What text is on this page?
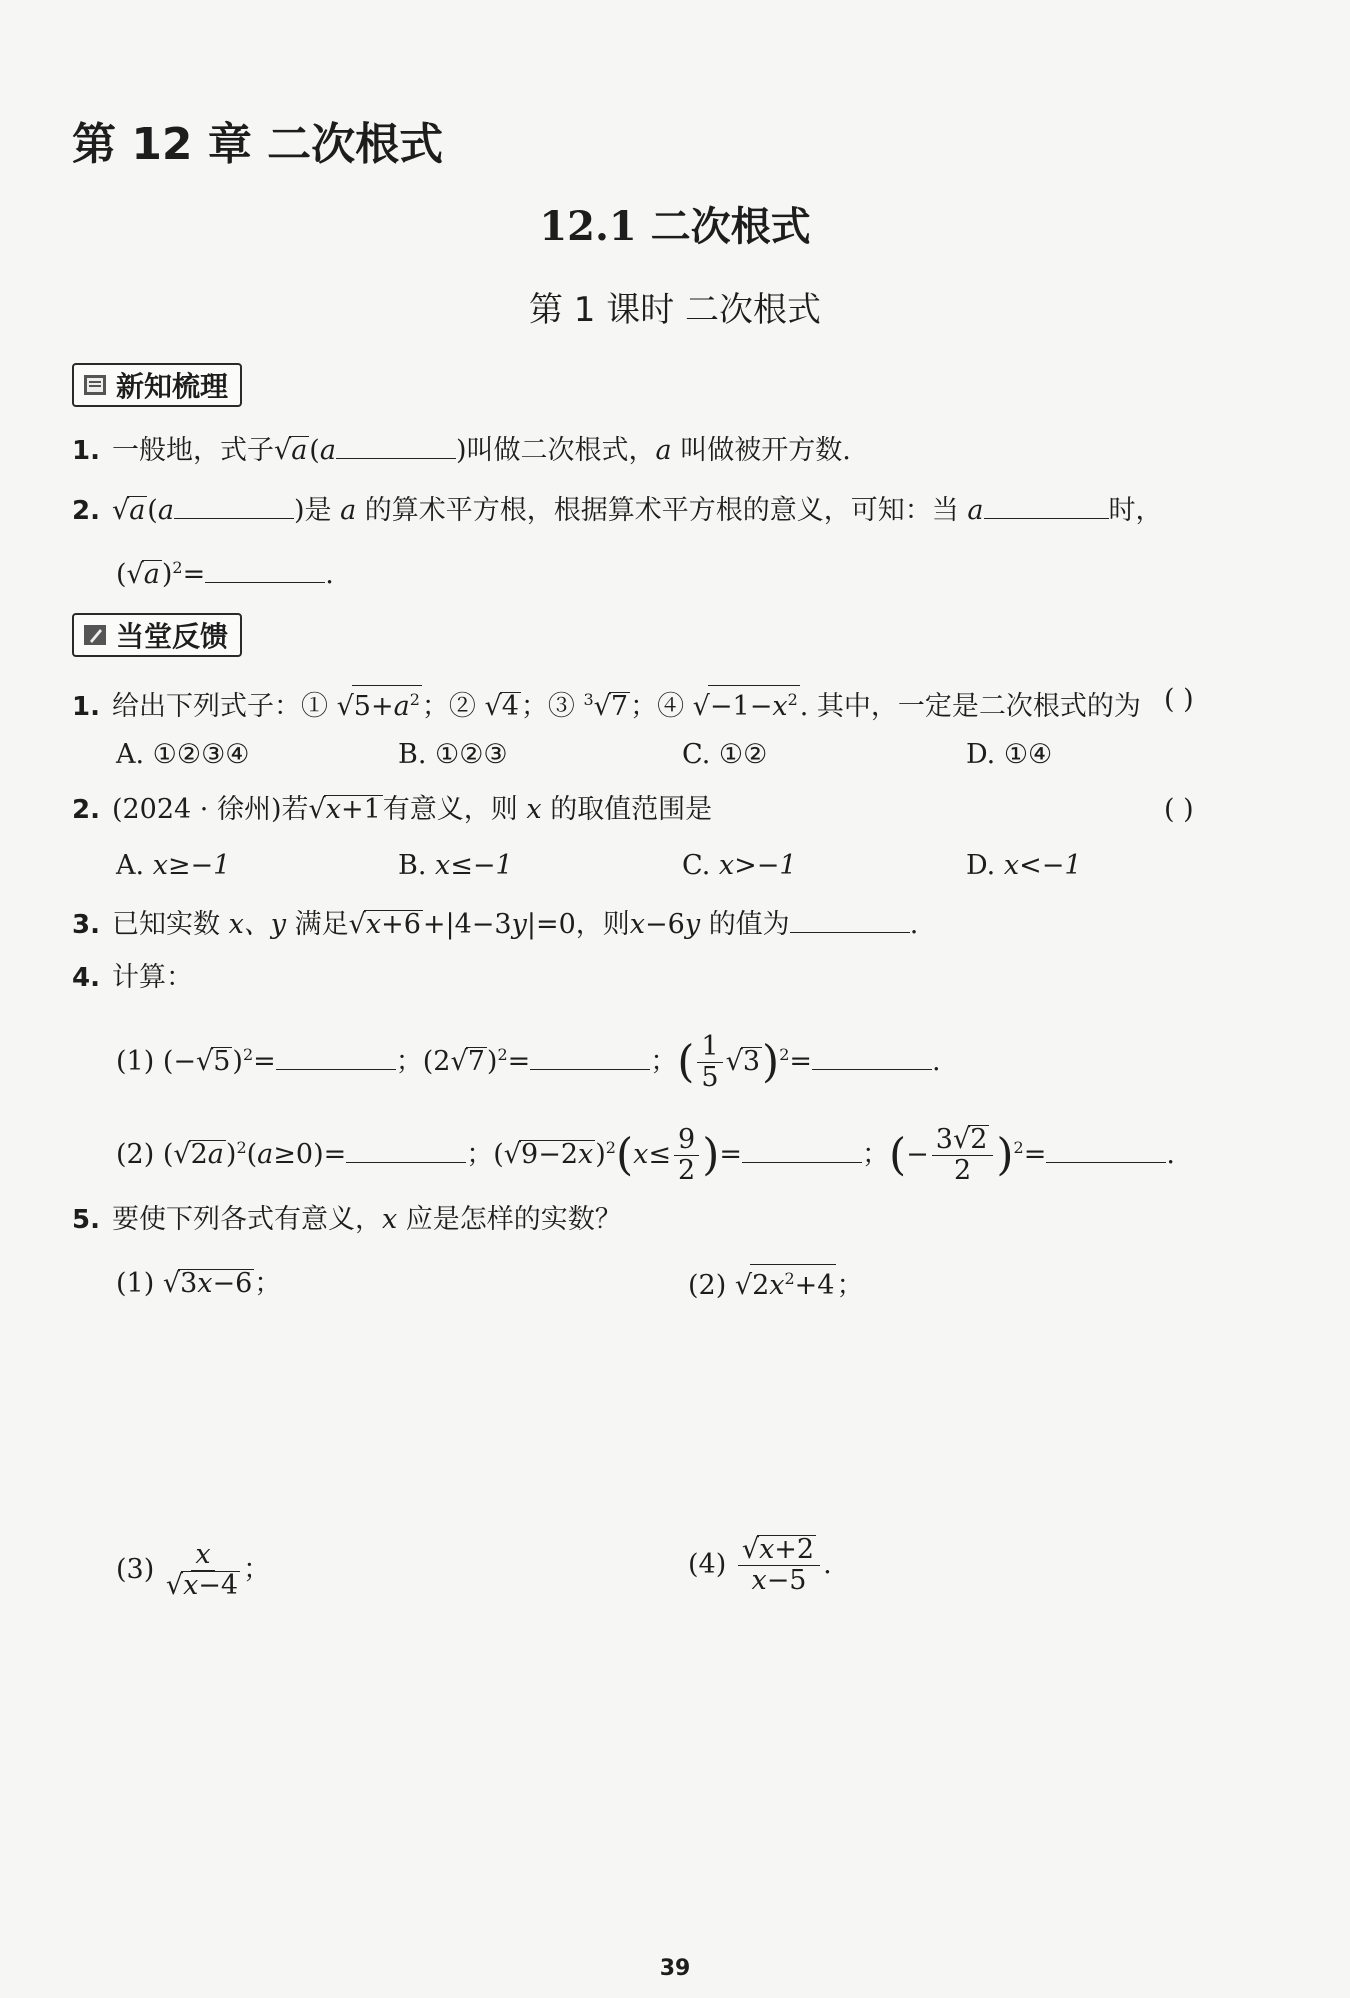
第 12 章 二次根式
12.1 二次根式
第 1 课时 二次根式
新知梳理
1. 一般地，式子√a(a	)叫做二次根式，a 叫做被开方数.
2. √a(a	)是 a 的算术平方根，根据算术平方根的意义，可知：当 a	时，
$(√a)^2=$	.
当堂反馈
1. 给出下列式子：① $√5+a^2$；② √4；③ $^3$√7；④ $√-1-x^2$. 其中，一定是二次根式的为 ( )
A. ①②③④	B. ①②③	C. ①②	D. ①④
2. (2024 · 徐州)若√x+1有意义，则 x 的取值范围是	( )
A. x≥−1	B. x≤−1	C. x>−1	D. x<−1
3. 已知实数 x、y 满足√x+6+|4−3y|=0，则x−6y 的值为	.
4. 计算：
(1) $(-√5)^2=$	；$(2√7)^2=$	；( $\frac{1}{5} √3)^2=$	.
(2) $(√2a)^2(a\ge 0)=$	；$(√9-2x)^2(x\le \frac{9}{2}$ )=	；(− $\frac{3√2}{2} )^2=$	.
5. 要使下列各式有意义，x 应是怎样的实数？
(1) √3x−6；	(2) $√2x^2+4$；
$(3) \frac{x}{√x-4}$ ；	$(4) \frac{√x+2}{x-5}$ .
39
